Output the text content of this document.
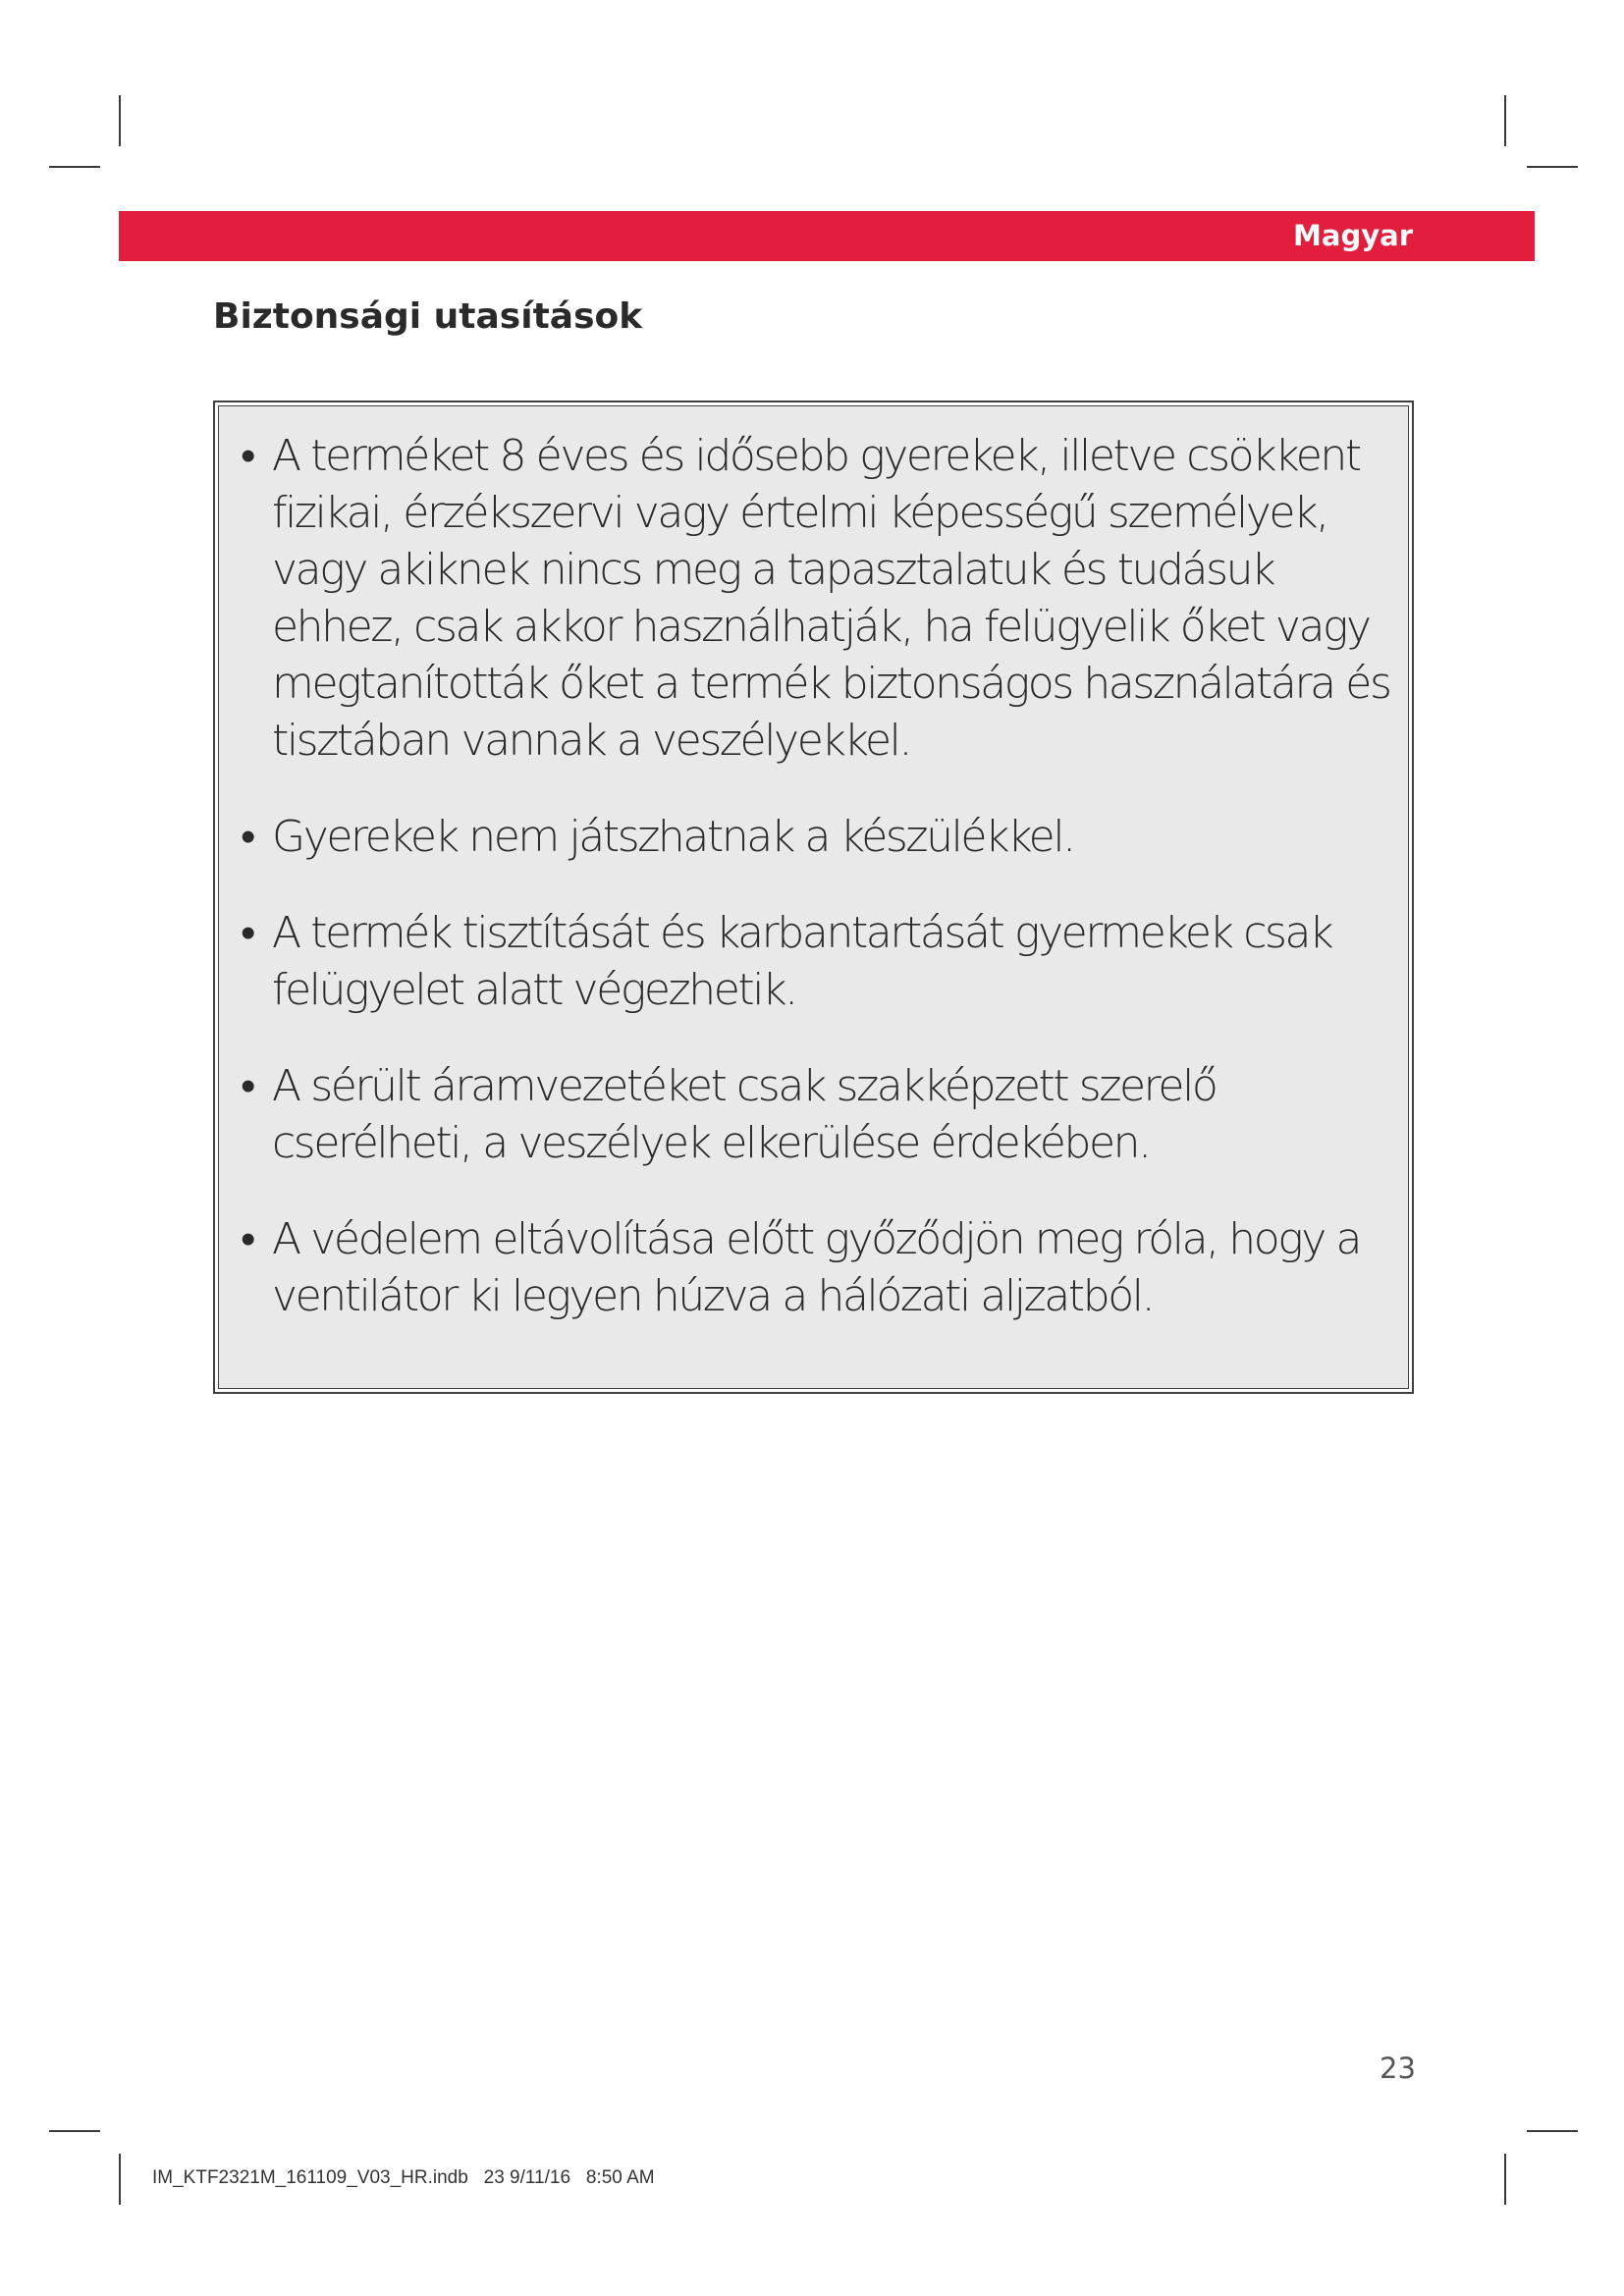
Magyar
Biztonsági utasítások
• A terméket 8 éves és idősebb gyerekek, illetve csökkent fizikai, érzékszervi vagy értelmi képességű személyek, vagy akiknek nincs meg a tapasztalatuk és tudásuk ehhez, csak akkor használhatják, ha felügyelik őket vagy megtanították őket a termék biztonságos használatára és tisztában vannak a veszélyekkel.
• Gyerekek nem játszhatnak a készülékkel.
• A termék tisztítását és karbantartását gyermekek csak felügyelet alatt végezhetik.
• A sérült áramvezetéket csak szakképzett szerelő cserélheti, a veszélyek elkerülése érdekében.
• A védelem eltávolítása előtt győződjön meg róla, hogy a ventilátor ki legyen húzva a hálózati aljzatból.
23
IM_KTF2321M_161109_V03_HR.indb   23 9/11/16   8:50 AM
